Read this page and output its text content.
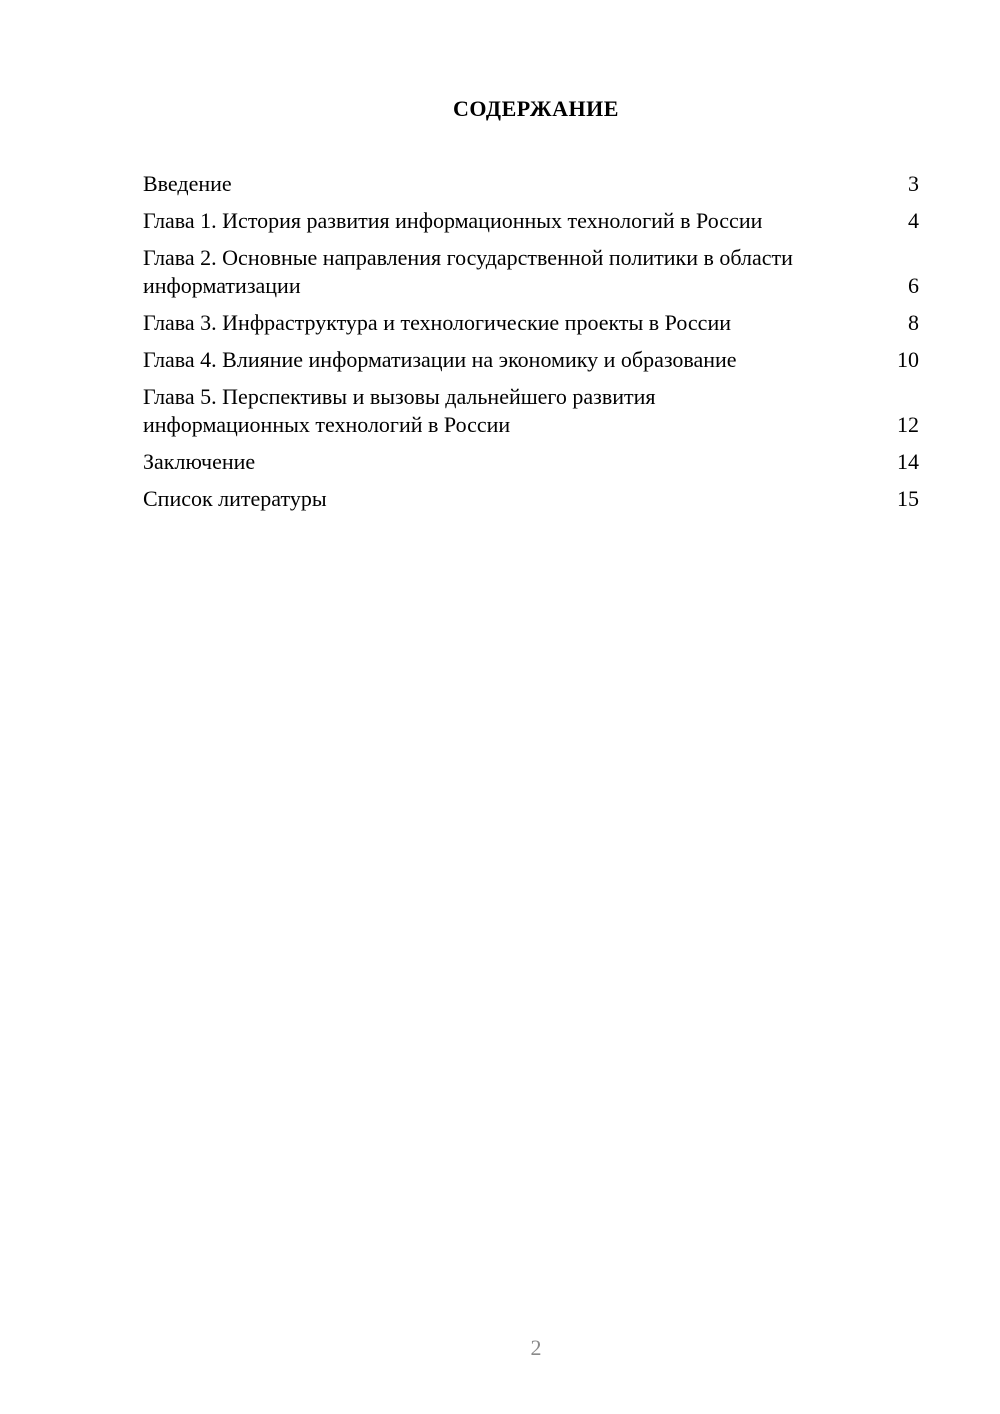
СОДЕРЖАНИЕ
Введение	3
Глава 1. История развития информационных технологий в России	4
Глава 2. Основные направления государственной политики в области информатизации	6
Глава 3. Инфраструктура и технологические проекты в России	8
Глава 4. Влияние информатизации на экономику и образование	10
Глава 5. Перспективы и вызовы дальнейшего развития информационных технологий в России	12
Заключение	14
Список литературы	15
2
